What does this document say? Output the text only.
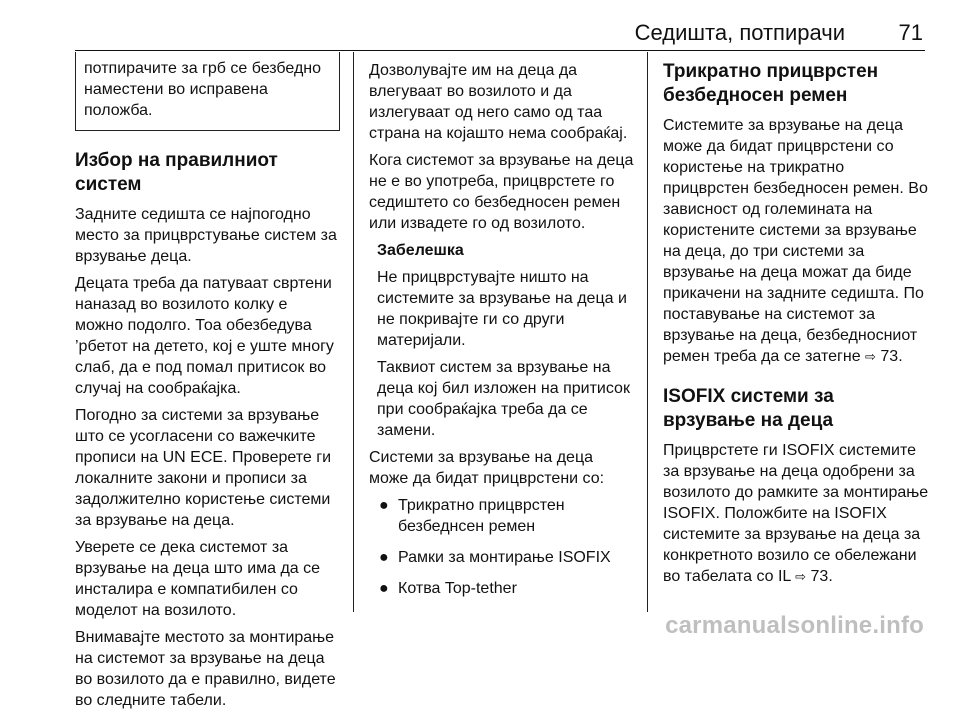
Седишта, потпирачи 71
потпирачите за грб се безбедно наместени во исправена положба.
Избор на правилниот систем

Задните седишта се најпогодно место за прицврстување систем за врзување деца.

Децата треба да патуваат свртени наназад во возилото колку е можно подолго. Тоа обезбедува ’рбетот на детето, кој е уште многу слаб, да е под помал притисок во случај на сообраќајка.

Погодно за системи за врзување што се усогласени со важечките прописи на UN ECE. Проверете ги локалните закони и прописи за задолжително користење системи за врзување на деца.

Уверете се дека системот за врзување на деца што има да се инсталира е компатибилен со моделот на возилото.

Внимавајте местото за монтирање на системот за врзување на деца во возилото да е правилно, видете во следните табели.

Дозволувајте им на деца да влегуваат во возилото и да излегуваат од него само од таа страна на којашто нема сообраќај.

Кога системот за врзување на деца не е во употреба, прицврстете го седиштето со безбедносен ремен или извадете го од возилото.

Забелешка

Не прицврстувајте ништо на системите за врзување на деца и не покривајте ги со други материјали.

Таквиот систем за врзување на деца кој бил изложен на притисок при сообраќајка треба да се замени.

Системи за врзување на деца може да бидат прицврстени со:

● Трикратно прицврстен безбеднсен ремен
● Рамки за монтирање ISOFIX
● Котва Top-tether
Трикратно прицврстен безбедносен ремен

Системите за врзување на деца може да бидат прицврстени со користење на трикратно прицврстен безбедносен ремен. Во зависност од големината на користените системи за врзување на деца, до три системи за врзување на деца можат да биде прикачени на задните седишта. По поставување на системот за врзување на деца, безбедносниот ремен треба да се затегне ⇨ 73.

ISOFIX системи за врзување на деца

Прицврстете ги ISOFIX системите за врзување на деца одобрени за возилото до рамките за монтирање ISOFIX. Положбите на ISOFIX системите за врзување на деца за конкретното возило се обележани во табелата со IL ⇨ 73.

carmanualsonline.info
